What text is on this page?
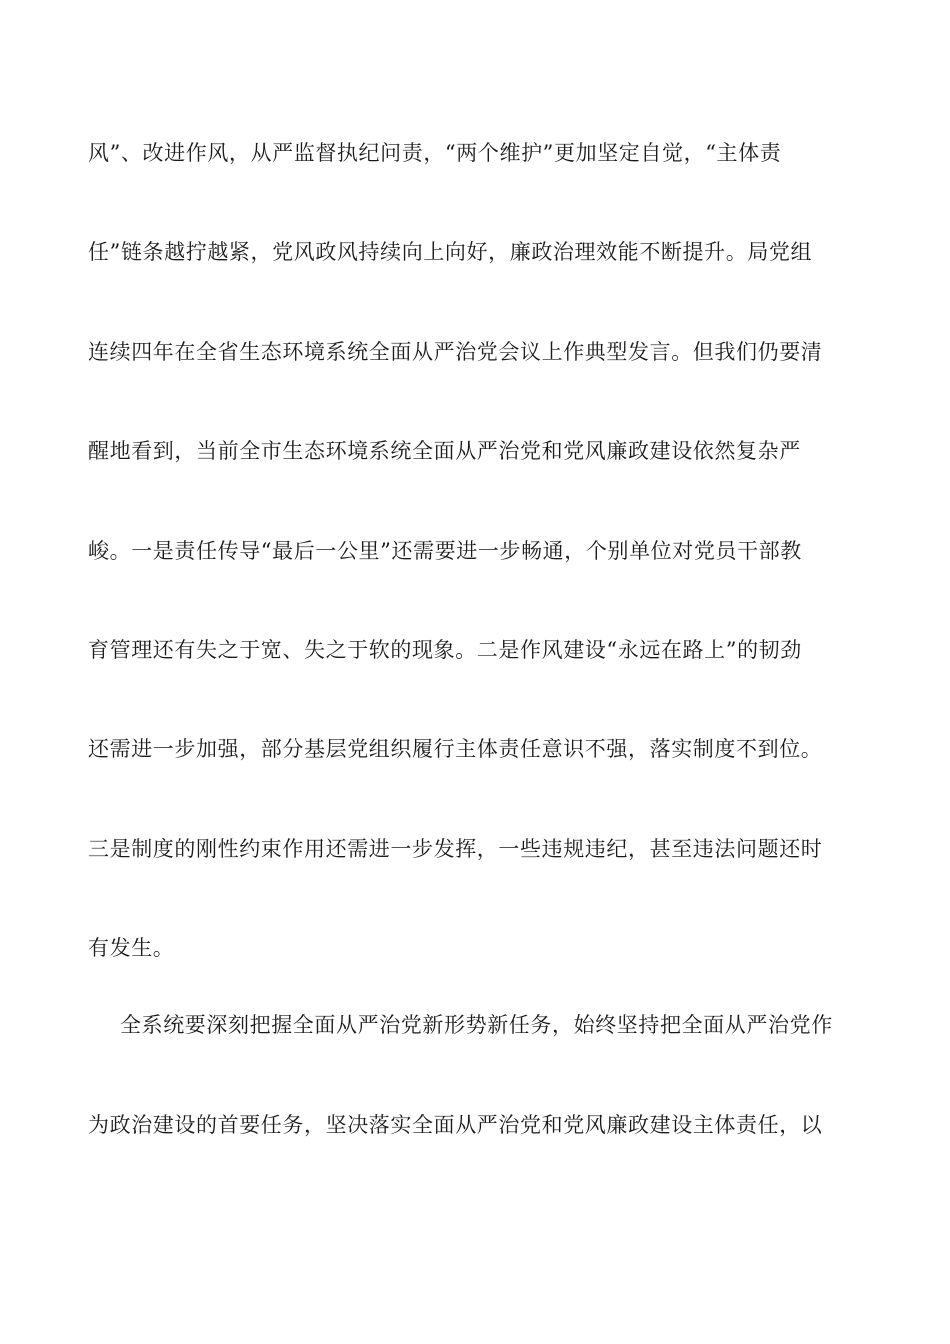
风”、改进作风，从严监督执纪问责，“两个维护”更加坚定自觉，“主体责
任”链条越拧越紧，党风政风持续向上向好，廉政治理效能不断提升。局党组
连续四年在全省生态环境系统全面从严治党会议上作典型发言。但我们仍要清
醒地看到，当前全市生态环境系统全面从严治党和党风廉政建设依然复杂严
峻。一是责任传导“最后一公里”还需要进一步畅通，个别单位对党员干部教
育管理还有失之于宽、失之于软的现象。二是作风建设“永远在路上”的韧劲
还需进一步加强，部分基层党组织履行主体责任意识不强，落实制度不到位。
三是制度的刚性约束作用还需进一步发挥，一些违规违纪，甚至违法问题还时
有发生。
全系统要深刻把握全面从严治党新形势新任务，始终坚持把全面从严治党作
为政治建设的首要任务，坚决落实全面从严治党和党风廉政建设主体责任，以
